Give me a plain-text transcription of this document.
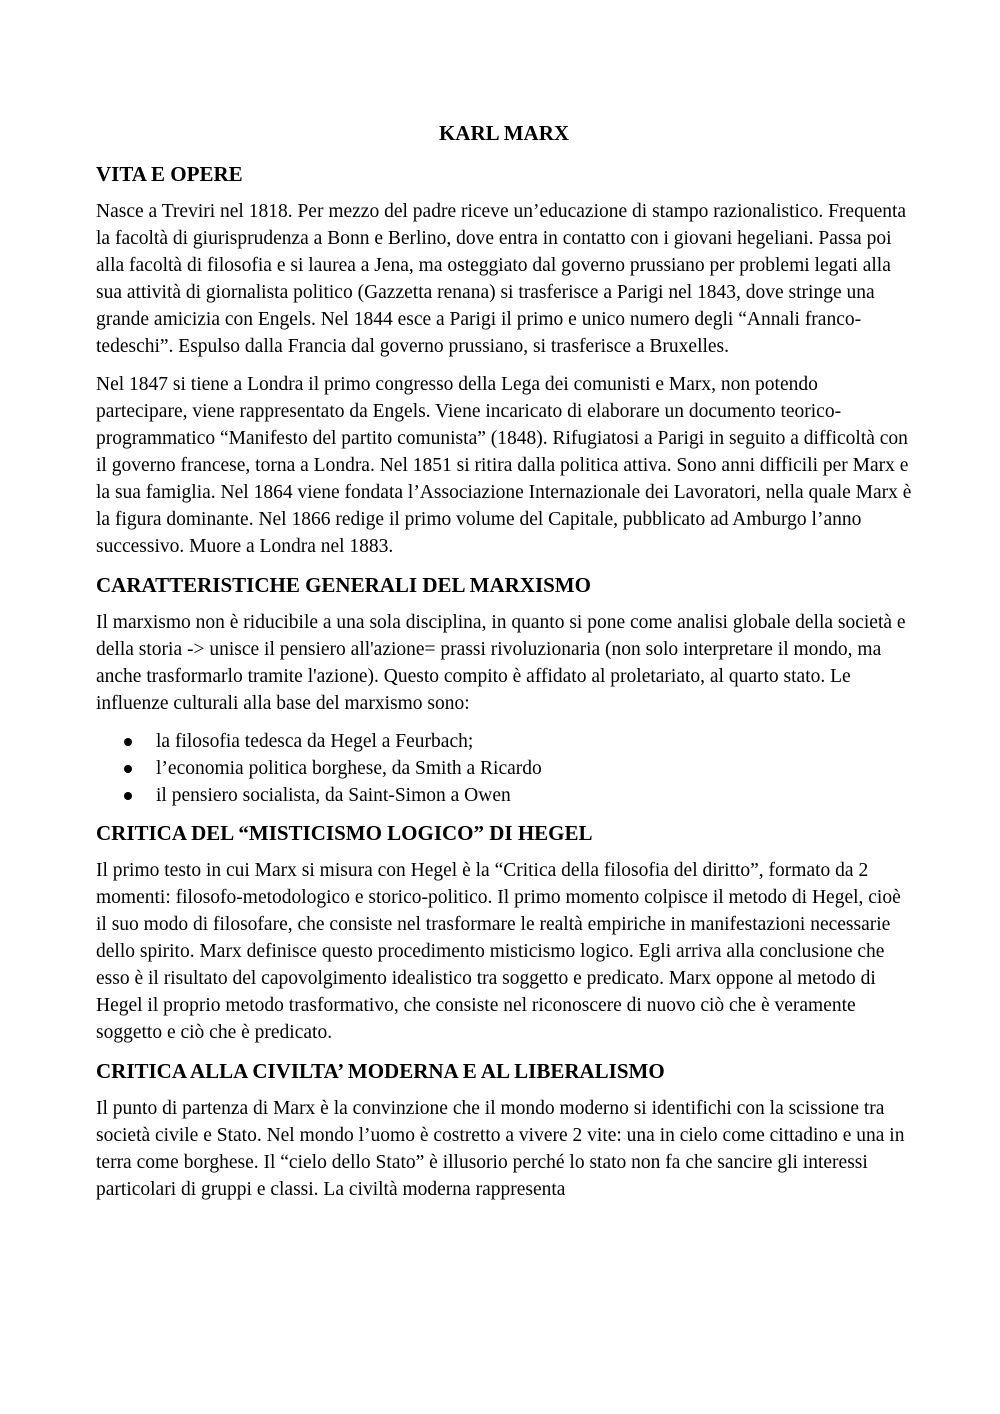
KARL MARX
VITA E OPERE

Nasce a Treviri nel 1818. Per mezzo del padre riceve un’educazione di stampo razionalistico. Frequenta la facoltà di giurisprudenza a Bonn e Berlino, dove entra in contatto con i giovani hegeliani. Passa poi alla facoltà di filosofia e si laurea a Jena, ma osteggiato dal governo prussiano per problemi legati alla sua attività di giornalista politico (Gazzetta renana) si trasferisce a Parigi nel 1843, dove stringe una grande amicizia con Engels. Nel 1844 esce a Parigi il primo e unico numero degli “Annali franco-tedeschi”. Espulso dalla Francia dal governo prussiano, si trasferisce a Bruxelles.

Nel 1847 si tiene a Londra il primo congresso della Lega dei comunisti e Marx, non potendo partecipare, viene rappresentato da Engels. Viene incaricato di elaborare un documento teorico-programmatico “Manifesto del partito comunista” (1848). Rifugiatosi a Parigi in seguito a difficoltà con il governo francese, torna a Londra. Nel 1851 si ritira dalla politica attiva. Sono anni difficili per Marx e la sua famiglia. Nel 1864 viene fondata l’Associazione Internazionale dei Lavoratori, nella quale Marx è la figura dominante. Nel 1866 redige il primo volume del Capitale, pubblicato ad Amburgo l’anno successivo. Muore a Londra nel 1883.

CARATTERISTICHE GENERALI DEL MARXISMO

Il marxismo non è riducibile a una sola disciplina, in quanto si pone come analisi globale della società e della storia -> unisce il pensiero all'azione= prassi rivoluzionaria (non solo interpretare il mondo, ma anche trasformarlo tramite l'azione). Questo compito è affidato al proletariato, al quarto stato. Le influenze culturali alla base del marxismo sono:

la filosofia tedesca da Hegel a Feurbach;
l’economia politica borghese, da Smith a Ricardo
il pensiero socialista, da Saint-Simon a Owen
CRITICA DEL “MISTICISMO LOGICO” DI HEGEL

Il primo testo in cui Marx si misura con Hegel è la “Critica della filosofia del diritto”, formato da 2 momenti: filosofo-metodologico e storico-politico. Il primo momento colpisce il metodo di Hegel, cioè il suo modo di filosofare, che consiste nel trasformare le realtà empiriche in manifestazioni necessarie dello spirito. Marx definisce questo procedimento misticismo logico. Egli arriva alla conclusione che esso è il risultato del capovolgimento idealistico tra soggetto e predicato. Marx oppone al metodo di Hegel il proprio metodo trasformativo, che consiste nel riconoscere di nuovo ciò che è veramente soggetto e ciò che è predicato.

CRITICA ALLA CIVILTA’ MODERNA E AL LIBERALISMO

Il punto di partenza di Marx è la convinzione che il mondo moderno si identifichi con la scissione tra società civile e Stato. Nel mondo l’uomo è costretto a vivere 2 vite: una in cielo come cittadino e una in terra come borghese. Il “cielo dello Stato” è illusorio perché lo stato non fa che sancire gli interessi particolari di gruppi e classi. La civiltà moderna rappresenta
